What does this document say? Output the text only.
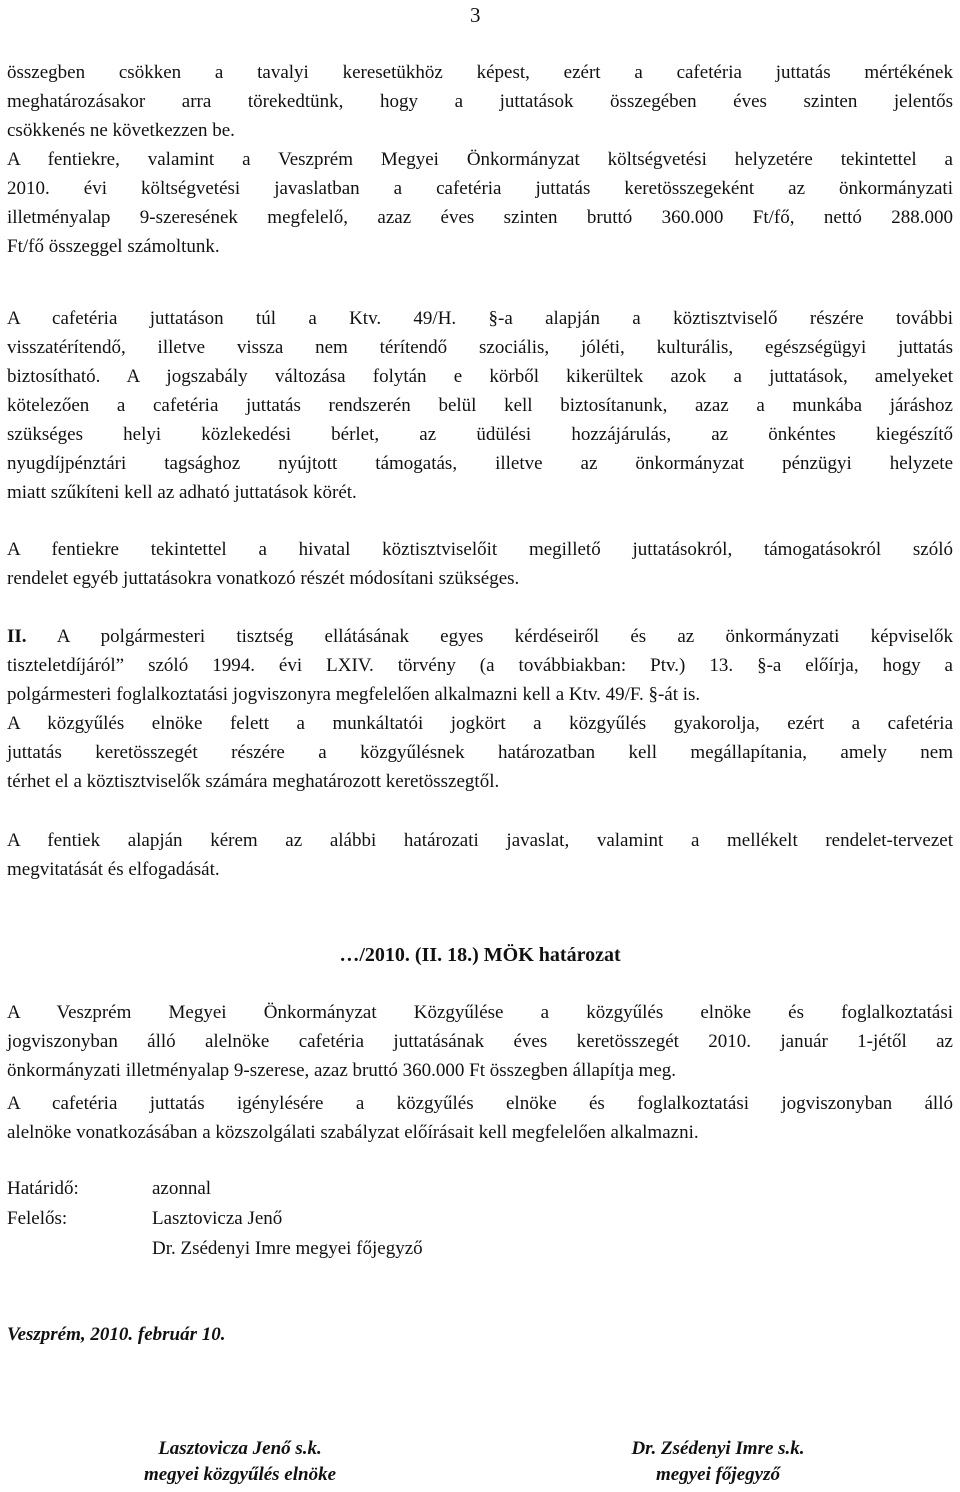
3
összegben csökken a tavalyi keresetükhöz képest, ezért a cafetéria juttatás mértékének
meghatározásakor arra törekedtünk, hogy a juttatások összegében éves szinten jelentős
csökkenés ne következzen be.
A fentiekre, valamint a Veszprém Megyei Önkormányzat költségvetési helyzetére tekintettel a
2010. évi költségvetési javaslatban a cafetéria juttatás keretösszegeként az önkormányzati
illetményalap 9-szeresének megfelelő, azaz éves szinten bruttó 360.000 Ft/fő, nettó 288.000
Ft/fő összeggel számoltunk.
A cafetéria juttatáson túl a Ktv. 49/H. §-a alapján a köztisztviselő részére további
visszatérítendő, illetve vissza nem térítendő szociális, jóléti, kulturális, egészségügyi juttatás
biztosítható. A jogszabály változása folytán e körből kikerültek azok a juttatások, amelyeket
kötelezően a cafetéria juttatás rendszerén belül kell biztosítanunk, azaz a munkába járáshoz
szükséges helyi közlekedési bérlet, az üdülési hozzájárulás, az önkéntes kiegészítő
nyugdíjpénztári tagsághoz nyújtott támogatás, illetve az önkormányzat pénzügyi helyzete
miatt szűkíteni kell az adható juttatások körét.
A fentiekre tekintettel a hivatal köztisztviselőit megillető juttatásokról, támogatásokról szóló
rendelet egyéb juttatásokra vonatkozó részét módosítani szükséges.
II. A polgármesteri tisztség ellátásának egyes kérdéseiről és az önkormányzati képviselők
tiszteletdíjáról” szóló 1994. évi LXIV. törvény (a továbbiakban: Ptv.) 13. §-a előírja, hogy a
polgármesteri foglalkoztatási jogviszonyra megfelelően alkalmazni kell a Ktv. 49/F. §-át is.
A közgyűlés elnöke felett a munkáltatói jogkört a közgyűlés gyakorolja, ezért a cafetéria
juttatás keretösszegét részére a közgyűlésnek határozatban kell megállapítania, amely nem
térhet el a köztisztviselők számára meghatározott keretösszegtől.
A fentiek alapján kérem az alábbi határozati javaslat, valamint a mellékelt rendelet-tervezet
megvitatását és elfogadását.
…/2010. (II. 18.) MÖK határozat
A Veszprém Megyei Önkormányzat Közgyűlése a közgyűlés elnöke és foglalkoztatási
jogviszonyban álló alelnöke cafetéria juttatásának éves keretösszegét 2010. január 1-jétől az
önkormányzati illetményalap 9-szerese, azaz bruttó 360.000 Ft összegben állapítja meg.
A cafetéria juttatás igénylésére a közgyűlés elnöke és foglalkoztatási jogviszonyban álló
alelnöke vonatkozásában a közszolgálati szabályzat előírásait kell megfelelően alkalmazni.
Határidő:	azonnal
Felelős:	Lasztovicza Jenő
Dr. Zsédenyi Imre megyei főjegyző
Veszprém, 2010. február 10.
Lasztovicza Jenő s.k.
megyei közgyűlés elnöke
Dr. Zsédenyi Imre s.k.
megyei főjegyző
